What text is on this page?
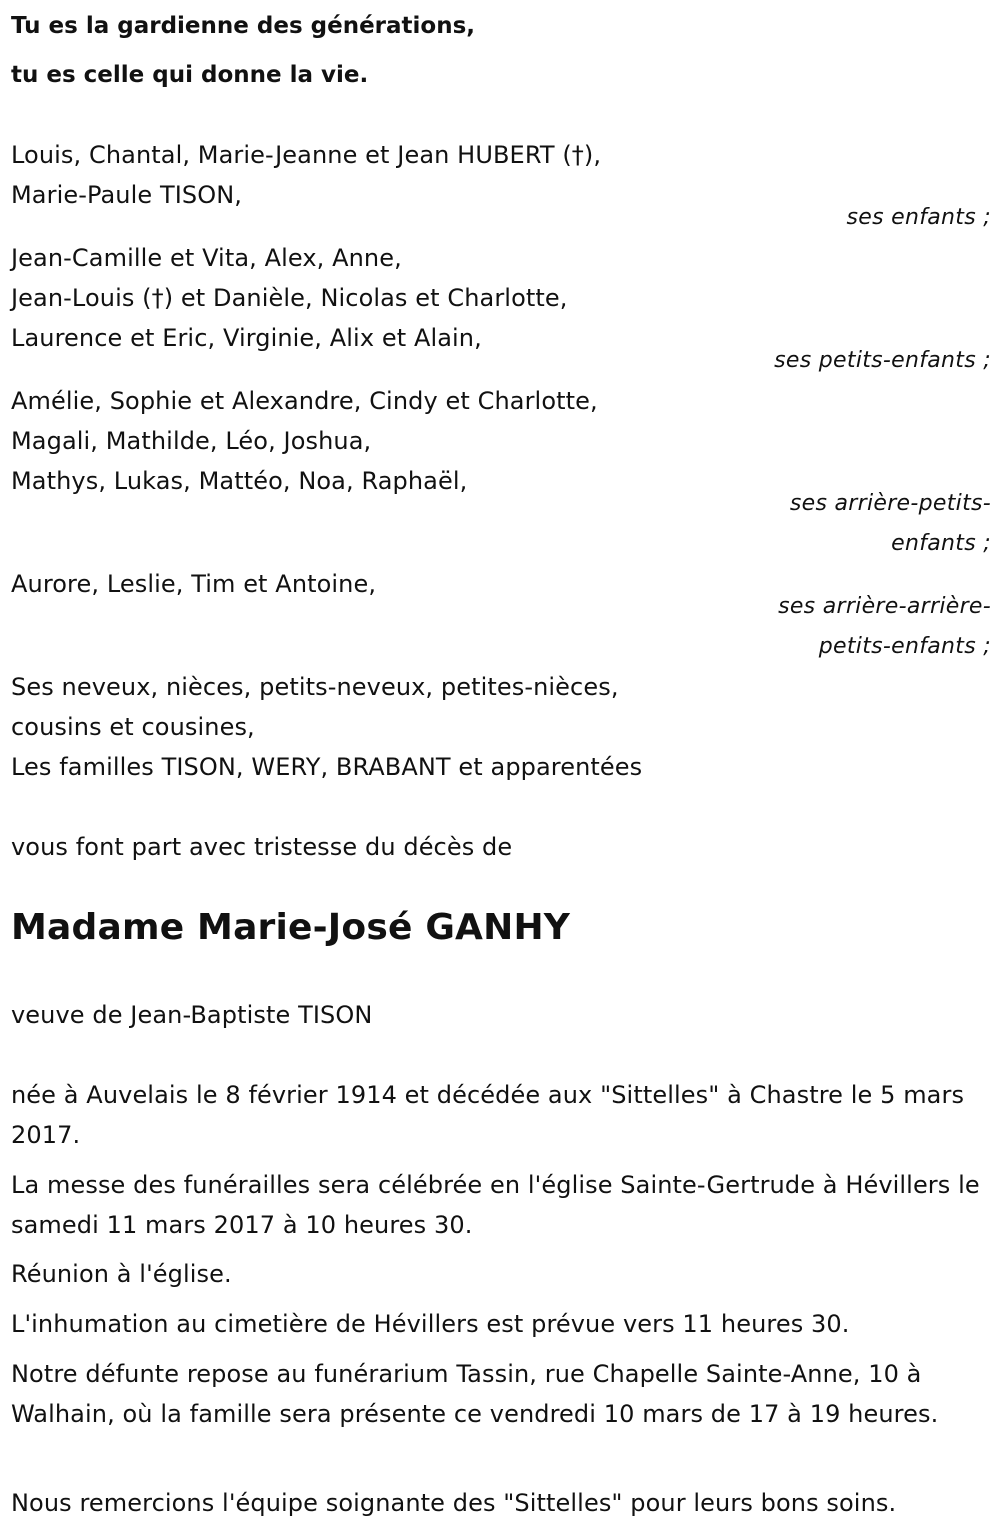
Tu es la gardienne des générations,
tu es celle qui donne la vie.
Louis, Chantal, Marie-Jeanne et Jean HUBERT (†),
Marie-Paule TISON,
ses enfants ;
Jean-Camille et Vita, Alex, Anne,
Jean-Louis (†) et Danièle, Nicolas et Charlotte,
Laurence et Eric, Virginie, Alix et Alain,
ses petits-enfants ;
Amélie, Sophie et Alexandre, Cindy et Charlotte,
Magali, Mathilde, Léo, Joshua,
Mathys, Lukas, Mattéo, Noa, Raphaël,
ses arrière-petits-
enfants ;
Aurore, Leslie, Tim et Antoine,
ses arrière-arrière-
petits-enfants ;
Ses neveux, nièces, petits-neveux, petites-nièces,
cousins et cousines,
Les familles TISON, WERY, BRABANT et apparentées
vous font part avec tristesse du décès de
Madame Marie-José GANHY
veuve de Jean-Baptiste TISON
née à Auvelais le 8 février 1914 et décédée aux "Sittelles" à Chastre le 5 mars 2017.
La messe des funérailles sera célébrée en l'église Sainte-Gertrude à Hévillers le samedi 11 mars 2017 à 10 heures 30.
Réunion à l'église.
L'inhumation au cimetière de Hévillers est prévue vers 11 heures 30.
Notre défunte repose au funérarium Tassin, rue Chapelle Sainte-Anne, 10 à Walhain, où la famille sera présente ce vendredi 10 mars de 17 à 19 heures.
Nous remercions l'équipe soignante des "Sittelles" pour leurs bons soins.
